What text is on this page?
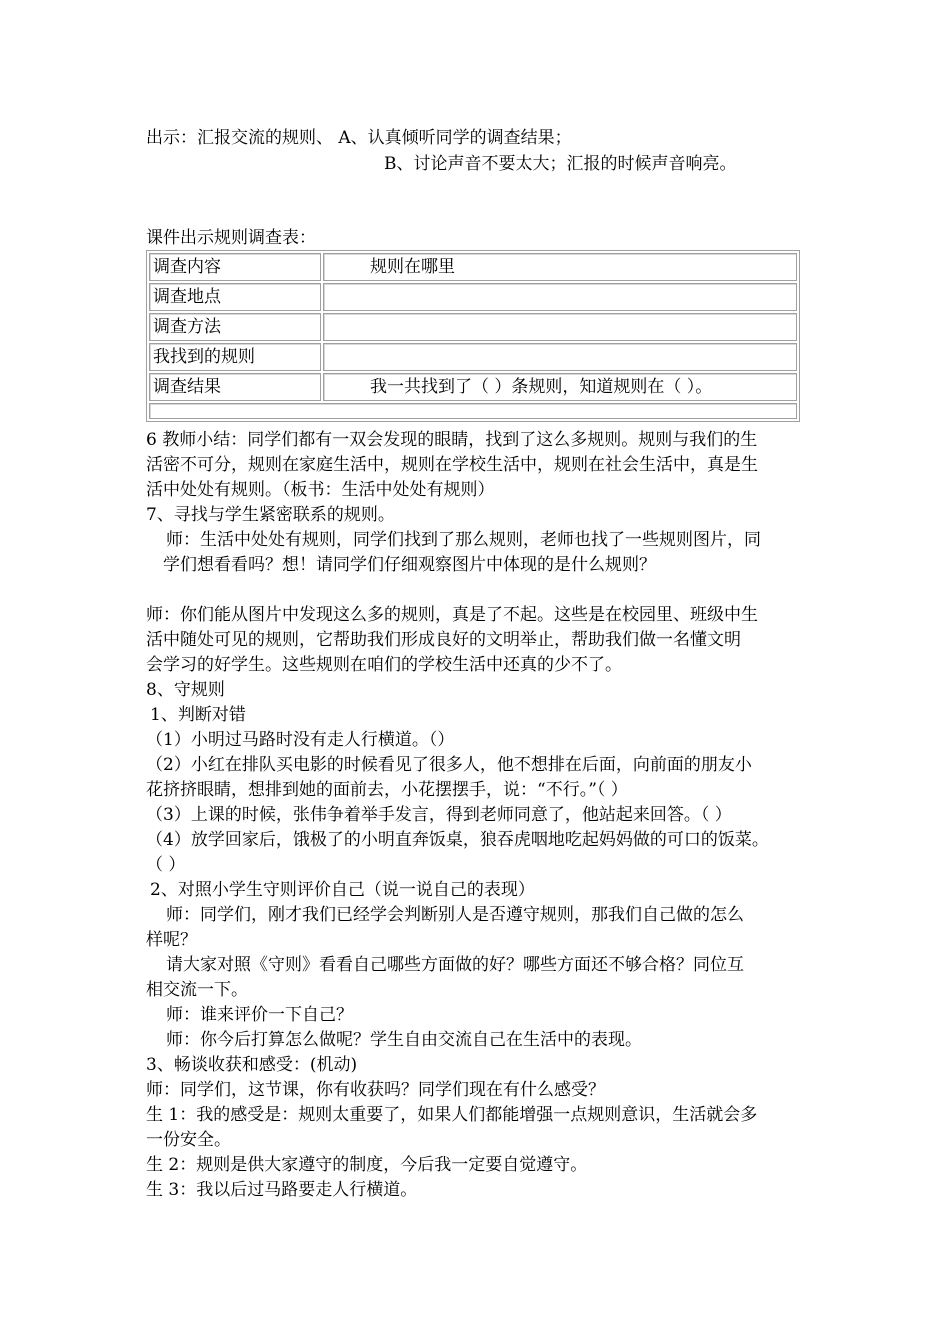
出示：汇报交流的规则、 A、认真倾听同学的调查结果；
B、讨论声音不要太大；汇报的时候声音响亮。
课件出示规则调查表：
调查内容	规则在哪里
调查地点	
调查方法	
我找到的规则	
调查结果	我一共找到了（ ）条规则，知道规则在（ ）。

6 教师小结：同学们都有一双会发现的眼睛，找到了这么多规则。规则与我们的生
活密不可分，规则在家庭生活中，规则在学校生活中，规则在社会生活中，真是生
活中处处有规则。（板书：生活中处处有规则）
7、寻找与学生紧密联系的规则。
师：生活中处处有规则，同学们找到了那么规则，老师也找了一些规则图片，同
学们想看看吗？想！请同学们仔细观察图片中体现的是什么规则？
师：你们能从图片中发现这么多的规则，真是了不起。这些是在校园里、班级中生
活中随处可见的规则，它帮助我们形成良好的文明举止，帮助我们做一名懂文明
会学习的好学生。这些规则在咱们的学校生活中还真的少不了。
8、守规则
1、判断对错
（1）小明过马路时没有走人行横道。（）
（2）小红在排队买电影的时候看见了很多人，他不想排在后面，向前面的朋友小
花挤挤眼睛，想排到她的面前去，小花摆摆手，说：“不行。”（ ）
（3）上课的时候，张伟争着举手发言，得到老师同意了，他站起来回答。（ ）
（4）放学回家后，饿极了的小明直奔饭桌，狼吞虎咽地吃起妈妈做的可口的饭菜。
（ ）
2、对照小学生守则评价自己（说一说自己的表现）
师：同学们，刚才我们已经学会判断别人是否遵守规则，那我们自己做的怎么
样呢？
请大家对照《守则》看看自己哪些方面做的好？哪些方面还不够合格？同位互
相交流一下。
师：谁来评价一下自己？
师：你今后打算怎么做呢？学生自由交流自己在生活中的表现。
3、畅谈收获和感受：(机动)
师：同学们，这节课，你有收获吗？同学们现在有什么感受？
生 1：我的感受是：规则太重要了，如果人们都能增强一点规则意识，生活就会多
一份安全。
生 2：规则是供大家遵守的制度，今后我一定要自觉遵守。
生 3：我以后过马路要走人行横道。
